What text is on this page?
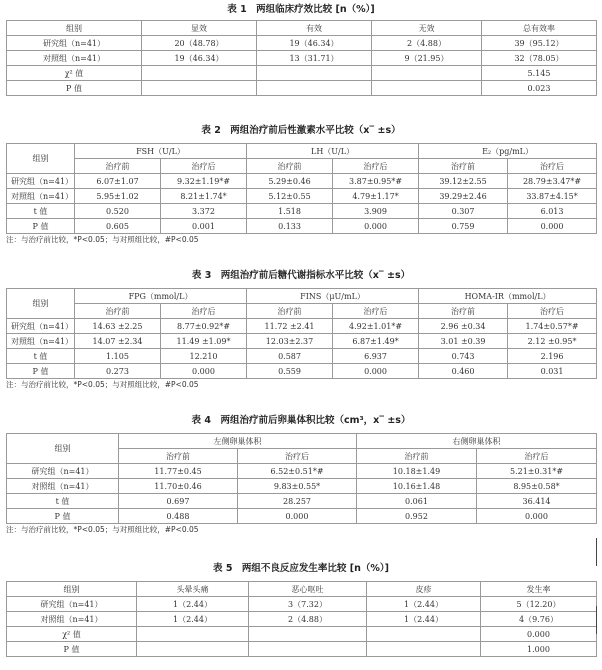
表 1　两组临床疗效比较 [n（%）]
组别	显效	有效	无效	总有效率
研究组（n=41）	20（48.78）	19（46.34）	2（4.88）	39（95.12）
对照组（n=41）	19（46.34）	13（31.71）	9（21.95）	32（78.05）
χ² 值				5.145
P 值				0.023
表 2　两组治疗前后性激素水平比较（x‾ ±s）
组别	FSH（U/L）		LH（U/L）		E₂（pg/mL）	
	治疗前	治疗后	治疗前	治疗后	治疗前	治疗后
研究组（n=41）	6.07±1.07	9.32±1.19*#	5.29±0.46	3.87±0.95*#	39.12±2.55	28.79±3.47*#
对照组（n=41）	5.95±1.02	8.21±1.74*	5.12±0.55	4.79±1.17*	39.29±2.46	33.87±4.15*
t 值	0.520	3.372	1.518	3.909	0.307	6.013
P 值	0.605	0.001	0.133	0.000	0.759	0.000
注：与治疗前比较，*P<0.05；与对照组比较，#P<0.05
表 3　两组治疗前后糖代谢指标水平比较（x‾ ±s）
组别	FPG（mmol/L）		FINS（μU/mL）		HOMA-IR（mmol/L）	
	治疗前	治疗后	治疗前	治疗后	治疗前	治疗后
研究组（n=41）	14.63 ±2.25	8.77±0.92*#	11.72 ±2.41	4.92±1.01*#	2.96 ±0.34	1.74±0.57*#
对照组（n=41）	14.07 ±2.34	11.49 ±1.09*	12.03±2.37	6.87±1.49*	3.01 ±0.39	2.12 ±0.95*
t 值	1.105	12.210	0.587	6.937	0.743	2.196
P 值	0.273	0.000	0.559	0.000	0.460	0.031
注：与治疗前比较，*P<0.05；与对照组比较，#P<0.05
表 4　两组治疗前后卵巢体积比较（cm³，x‾ ±s）
组别	左侧卵巢体积		右侧卵巢体积	
	治疗前	治疗后	治疗前	治疗后
研究组（n=41）	11.77±0.45	6.52±0.51*#	10.18±1.49	5.21±0.31*#
对照组（n=41）	11.70±0.46	9.83±0.55*	10.16±1.48	8.95±0.58*
t 值	0.697	28.257	0.061	36.414
P 值	0.488	0.000	0.952	0.000
注：与治疗前比较，*P<0.05；与对照组比较，#P<0.05
表 5　两组不良反应发生率比较 [n（%）]
组别	头晕头痛	恶心呕吐	皮疹	发生率
研究组（n=41）	1（2.44）	3（7.32）	1（2.44）	5（12.20）
对照组（n=41）	1（2.44）	2（4.88）	1（2.44）	4（9.76）
χ² 值				0.000
P 值				1.000
